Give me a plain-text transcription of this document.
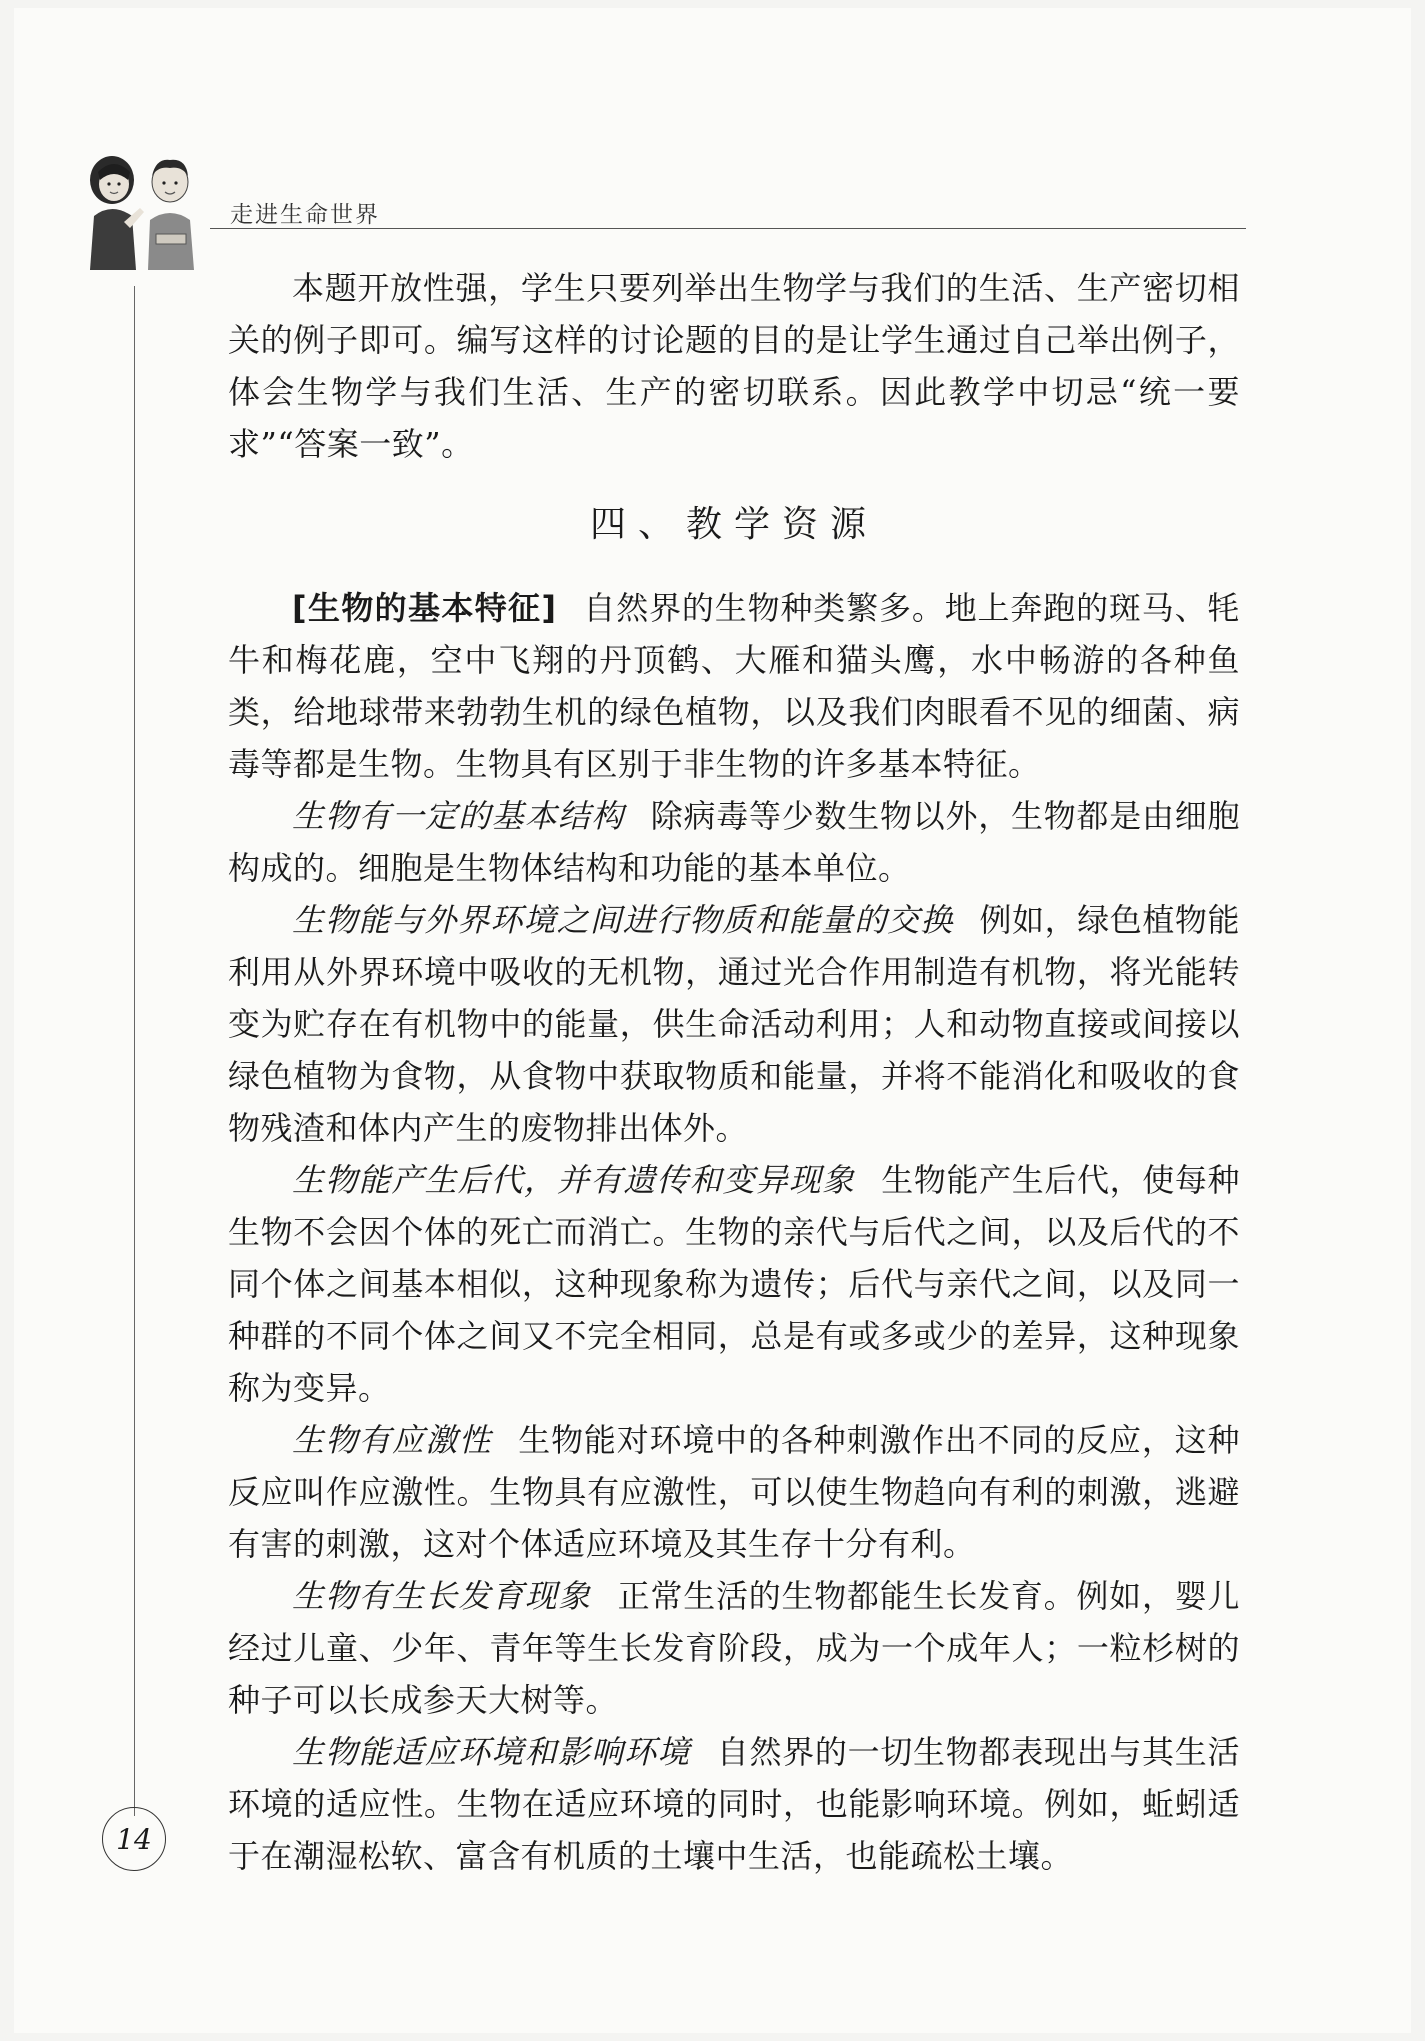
走进生命世界

本题开放性强，学生只要列举出生物学与我们的生活、生产密切相关的例子即可。编写这样的讨论题的目的是让学生通过自己举出例子，体会生物学与我们生活、生产的密切联系。因此教学中切忌“统一要求”“答案一致”。

四、教学资源

[生物的基本特征] 自然界的生物种类繁多。地上奔跑的斑马、牦牛和梅花鹿，空中飞翔的丹顶鹤、大雁和猫头鹰，水中畅游的各种鱼类，给地球带来勃勃生机的绿色植物，以及我们肉眼看不见的细菌、病毒等都是生物。生物具有区别于非生物的许多基本特征。

生物有一定的基本结构 除病毒等少数生物以外，生物都是由细胞构成的。细胞是生物体结构和功能的基本单位。

生物能与外界环境之间进行物质和能量的交换 例如，绿色植物能利用从外界环境中吸收的无机物，通过光合作用制造有机物，将光能转变为贮存在有机物中的能量，供生命活动利用；人和动物直接或间接以绿色植物为食物，从食物中获取物质和能量，并将不能消化和吸收的食物残渣和体内产生的废物排出体外。

生物能产生后代，并有遗传和变异现象 生物能产生后代，使每种生物不会因个体的死亡而消亡。生物的亲代与后代之间，以及后代的不同个体之间基本相似，这种现象称为遗传；后代与亲代之间，以及同一种群的不同个体之间又不完全相同，总是有或多或少的差异，这种现象称为变异。

生物有应激性 生物能对环境中的各种刺激作出不同的反应，这种反应叫作应激性。生物具有应激性，可以使生物趋向有利的刺激，逃避有害的刺激，这对个体适应环境及其生存十分有利。

生物有生长发育现象 正常生活的生物都能生长发育。例如，婴儿经过儿童、少年、青年等生长发育阶段，成为一个成年人；一粒杉树的种子可以长成参天大树等。

生物能适应环境和影响环境 自然界的一切生物都表现出与其生活环境的适应性。生物在适应环境的同时，也能影响环境。例如，蚯蚓适于在潮湿松软、富含有机质的土壤中生活，也能疏松土壤。

14
